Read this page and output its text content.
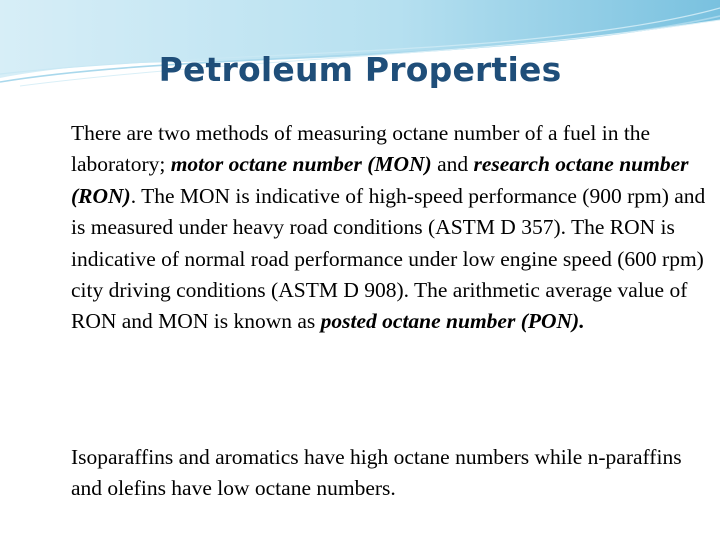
Petroleum Properties

There are two methods of measuring octane number of a fuel in the laboratory; motor octane number (MON) and research octane number (RON). The MON is indicative of high-speed performance (900 rpm) and is measured under heavy road conditions (ASTM D 357). The RON is indicative of normal road performance under low engine speed (600 rpm) city driving conditions (ASTM D 908). The arithmetic average value of RON and MON is known as posted octane number (PON).

Isoparaffins and aromatics have high octane numbers while n-paraffins and olefins have low octane numbers.
